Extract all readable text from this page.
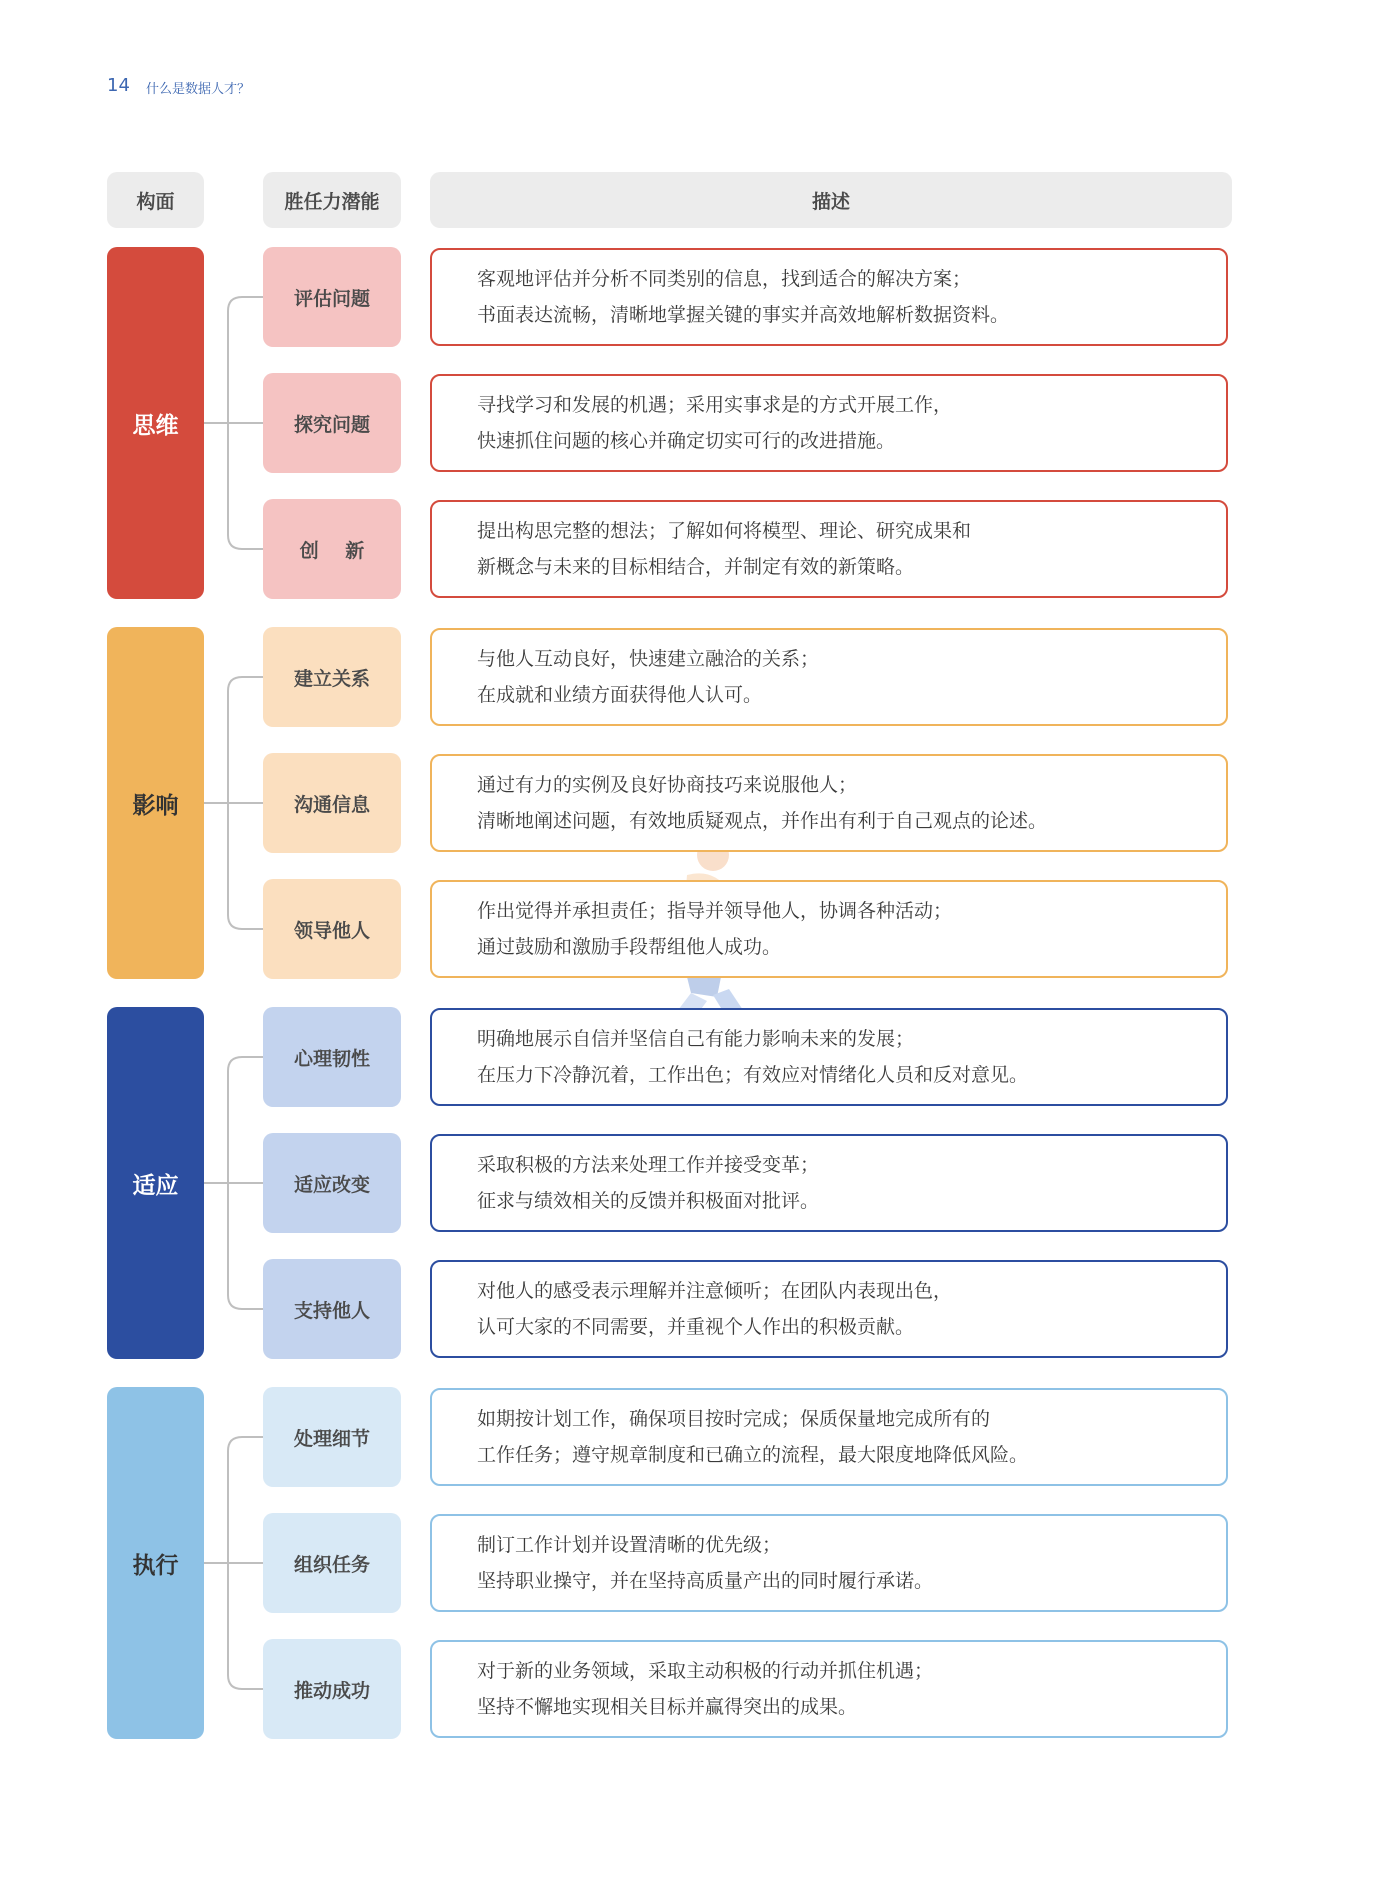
14 什么是数据人才？
构面	胜任力潜能	描述
思维
评估问题
客观地评估并分析不同类别的信息，找到适合的解决方案；
书面表达流畅，清晰地掌握关键的事实并高效地解析数据资料。
探究问题
寻找学习和发展的机遇；采用实事求是的方式开展工作，
快速抓住问题的核心并确定切实可行的改进措施。
创    新
提出构思完整的想法；了解如何将模型、理论、研究成果和
新概念与未来的目标相结合，并制定有效的新策略。
影响
建立关系
与他人互动良好，快速建立融洽的关系；
在成就和业绩方面获得他人认可。
沟通信息
通过有力的实例及良好协商技巧来说服他人；
清晰地阐述问题，有效地质疑观点，并作出有利于自己观点的论述。
领导他人
作出觉得并承担责任；指导并领导他人，协调各种活动；
通过鼓励和激励手段帮组他人成功。
适应
心理韧性
明确地展示自信并坚信自己有能力影响未来的发展；
在压力下冷静沉着，工作出色；有效应对情绪化人员和反对意见。
适应改变
采取积极的方法来处理工作并接受变革；
征求与绩效相关的反馈并积极面对批评。
支持他人
对他人的感受表示理解并注意倾听；在团队内表现出色，
认可大家的不同需要，并重视个人作出的积极贡献。
执行
处理细节
如期按计划工作，确保项目按时完成；保质保量地完成所有的
工作任务；遵守规章制度和已确立的流程，最大限度地降低风险。
组织任务
制订工作计划并设置清晰的优先级；
坚持职业操守，并在坚持高质量产出的同时履行承诺。
推动成功
对于新的业务领域，采取主动积极的行动并抓住机遇；
坚持不懈地实现相关目标并赢得突出的成果。
